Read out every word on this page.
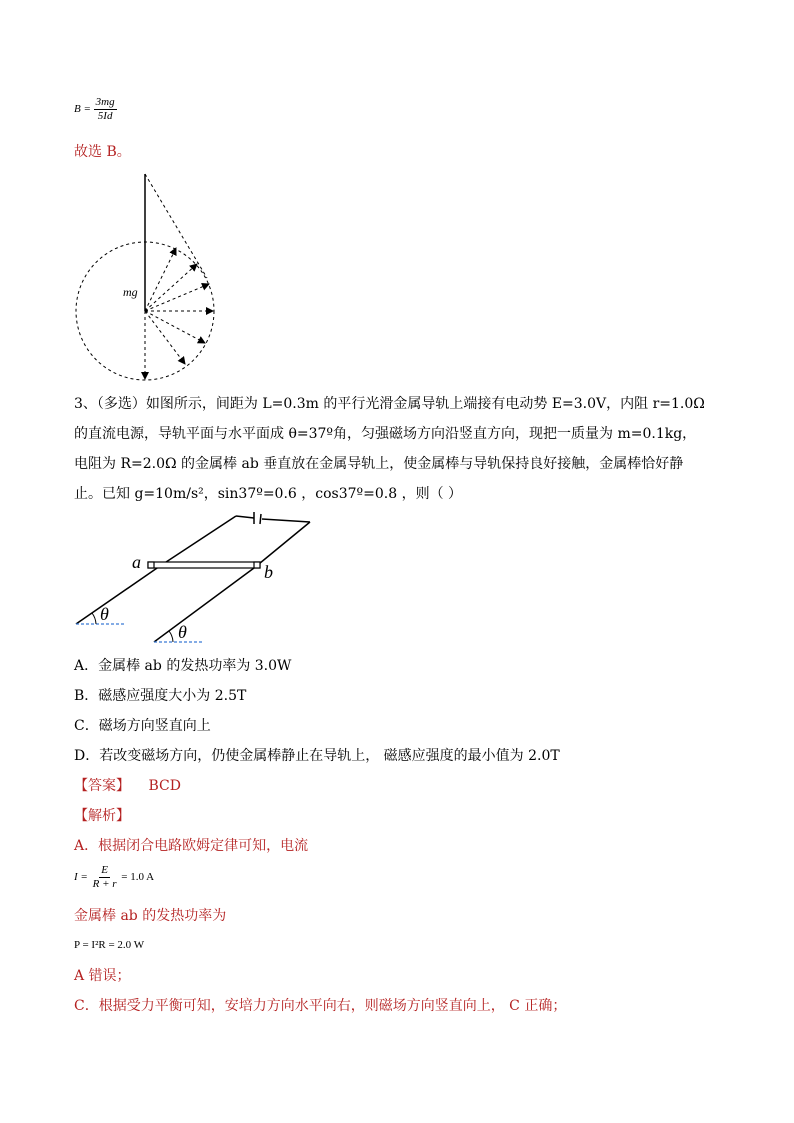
$B = \frac{3mg}{5Id}$
故选 B。
mg
3、（多选）如图所示，间距为 L=0.3m 的平行光滑金属导轨上端接有电动势 E=3.0V，内阻 r=1.0Ω
的直流电源，导轨平面与水平面成 θ=37º角，匀强磁场方向沿竖直方向，现把一质量为 m=0.1kg，
电阻为 R=2.0Ω 的金属棒 ab 垂直放在金属导轨上，使金属棒与导轨保持良好接触，金属棒恰好静
止。已知 g=10m/s²，sin37º=0.6 ，cos37º=0.8 ，则（ ）
a	b
θ
θ
A．金属棒 ab 的发热功率为 3.0W
B．磁感应强度大小为 2.5T
C．磁场方向竖直向上
D．若改变磁场方向，仍使金属棒静止在导轨上， 磁感应强度的最小值为 2.0T
【答案】 BCD
【解析】
A．根据闭合电路欧姆定律可知，电流
$I = \frac{E}{R + r} = 1.0$ A
金属棒 ab 的发热功率为
P = I²R = 2.0 W
A 错误；
C．根据受力平衡可知，安培力方向水平向右，则磁场方向竖直向上， C 正确；
